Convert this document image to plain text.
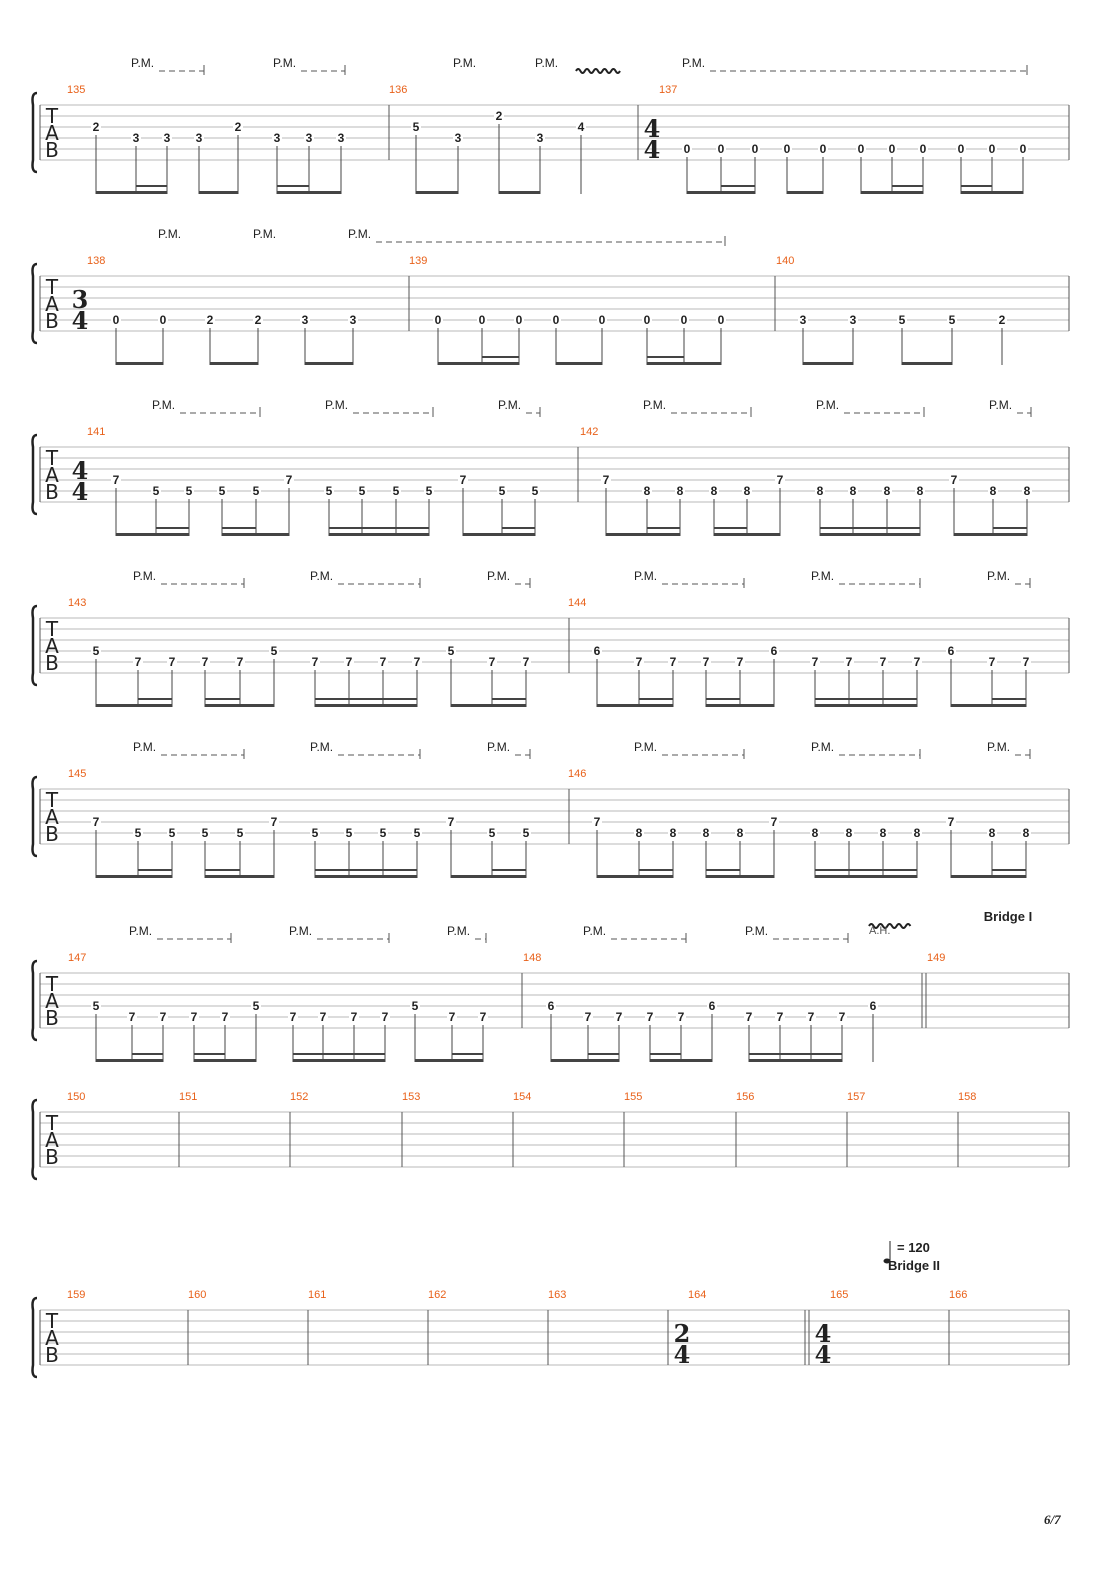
T
A
B
135	136	137
4
4
2
3 3 3
2
3 3 3
5
3
2
3
4
0 0 0 0 0	0 0 0	0 0 0
P.M.	P.M.	P.M.	P.M.	P.M.
T
A
B
138
3
4
139	140
0	0	2	2	3	3	0	0	0	0	0	0	0	0	3	3	5	5	2
P.M.	P.M.	P.M.
T
A
B
141
4
4
142
7
5 5 5 5
7
5 5 5 5
7
5 5
7
8 8 8 8
7
8 8 8 8
7
8 8
P.M.	P.M.	P.M.	P.M.	P.M.	P.M.
T
A
B
143	144
5
7 7 7 7
5
7 7 7 7
5
7 7
6
7 7 7 7
6
7 7 7 7
6
7 7
P.M.	P.M.	P.M.	P.M.	P.M.	P.M.
T
A
B
145	146
7
5 5 5 5
7
5 5 5 5
7
5 5
7
8 8 8 8
7
8 8 8 8
7
8 8
P.M.	P.M.	P.M.	P.M.	P.M.	P.M.
T
A
B
147	148	149
5
7 7 7 7
5
7 7 7 7
5
7 7
6
7 7 7 7
6
7 7 7 7
6
P.M.	P.M.	P.M.	P.M.	P.M.
Bridge I
A.H.
T
A
B
150	151	152	153	154	155	156	157	158
T
A
B
159	160	161	162	163	164
2
4
165
4
4
166
= 120
Bridge II
6/7
